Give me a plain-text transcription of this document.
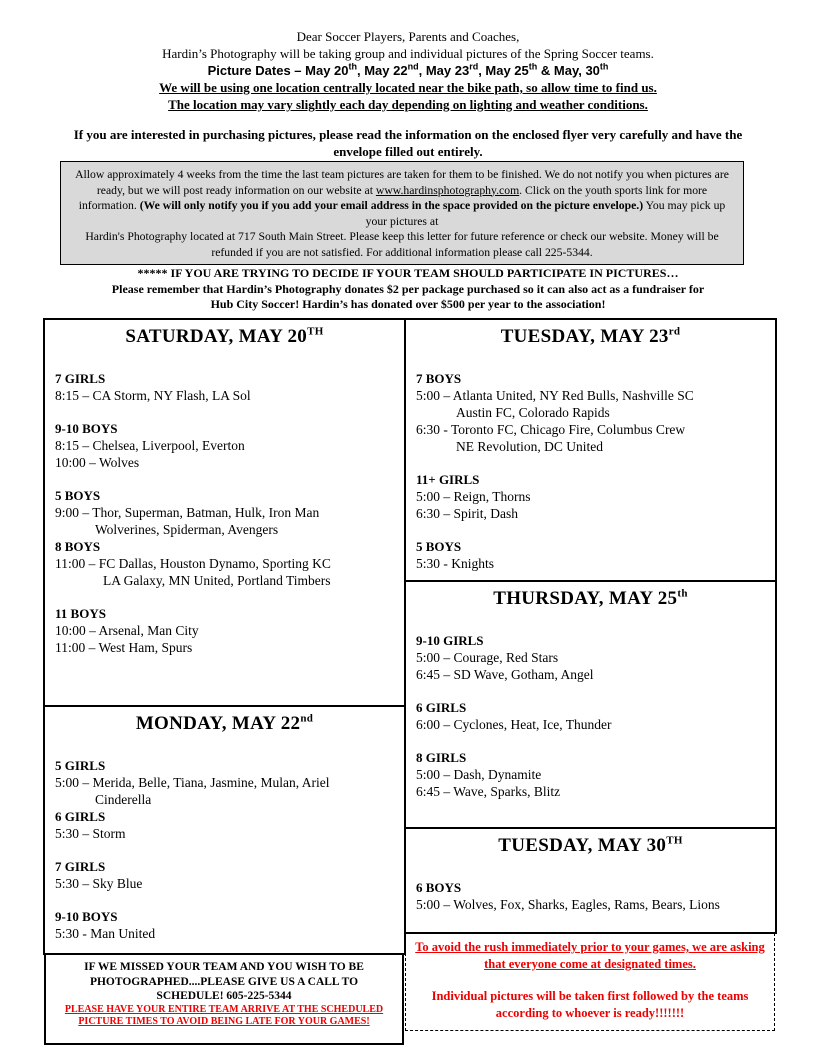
Dear Soccer Players, Parents and Coaches,
Hardin’s Photography will be taking group and individual pictures of the Spring Soccer teams.
Picture Dates – May 20th, May 22nd, May 23rd, May 25th & May, 30th
We will be using one location centrally located near the bike path, so allow time to find us.
The location may vary slightly each day depending on lighting and weather conditions.
If you are interested in purchasing pictures, please read the information on the enclosed flyer very carefully and have the envelope filled out entirely.
Allow approximately 4 weeks from the time the last team pictures are taken for them to be finished. We do not notify you when pictures are ready, but we will post ready information on our website at www.hardinsphotography.com. Click on the youth sports link for more information. (We will only notify you if you add your email address in the space provided on the picture envelope.) You may pick up your pictures at
Hardin's Photography located at 717 South Main Street. Please keep this letter for future reference or check our website. Money will be refunded if you are not satisfied. For additional information please call 225-5344.
***** IF YOU ARE TRYING TO DECIDE IF YOUR TEAM SHOULD PARTICIPATE IN PICTURES…
Please remember that Hardin’s Photography donates $2 per package purchased so it can also act as a fundraiser for
Hub City Soccer! Hardin’s has donated over $500 per year to the association!
SATURDAY, MAY 20TH
7 GIRLS
8:15 – CA Storm, NY Flash, LA Sol
9-10 BOYS
8:15 – Chelsea, Liverpool, Everton
10:00 – Wolves
5 BOYS
9:00 – Thor, Superman, Batman, Hulk, Iron Man
Wolverines, Spiderman, Avengers
8 BOYS
11:00 – FC Dallas, Houston Dynamo, Sporting KC
LA Galaxy, MN United, Portland Timbers
11 BOYS
10:00 – Arsenal, Man City
11:00 – West Ham, Spurs
MONDAY, MAY 22nd
5 GIRLS
5:00 – Merida, Belle, Tiana, Jasmine, Mulan, Ariel
Cinderella
6 GIRLS
5:30 – Storm
7 GIRLS
5:30 – Sky Blue
9-10 BOYS
5:30 - Man United
TUESDAY, MAY 23rd
7 BOYS
5:00 – Atlanta United, NY Red Bulls, Nashville SC
Austin FC, Colorado Rapids
6:30 - Toronto FC, Chicago Fire, Columbus Crew
NE Revolution, DC United
11+ GIRLS
5:00 – Reign, Thorns
6:30 – Spirit, Dash
5 BOYS
5:30 - Knights
THURSDAY, MAY 25th
9-10 GIRLS
5:00 – Courage, Red Stars
6:45 – SD Wave, Gotham, Angel
6 GIRLS
6:00 – Cyclones, Heat, Ice, Thunder
8 GIRLS
5:00 – Dash, Dynamite
6:45 – Wave, Sparks, Blitz
TUESDAY, MAY 30TH
6 BOYS
5:00 – Wolves, Fox, Sharks, Eagles, Rams, Bears, Lions
IF WE MISSED YOUR TEAM AND YOU WISH TO BE PHOTOGRAPHED....PLEASE GIVE US A CALL TO SCHEDULE! 605-225-5344
PLEASE HAVE YOUR ENTIRE TEAM ARRIVE AT THE SCHEDULED PICTURE TIMES TO AVOID BEING LATE FOR YOUR GAMES!
To avoid the rush immediately prior to your games, we are asking that everyone come at designated times.
Individual pictures will be taken first followed by the teams according to whoever is ready!!!!!!!
